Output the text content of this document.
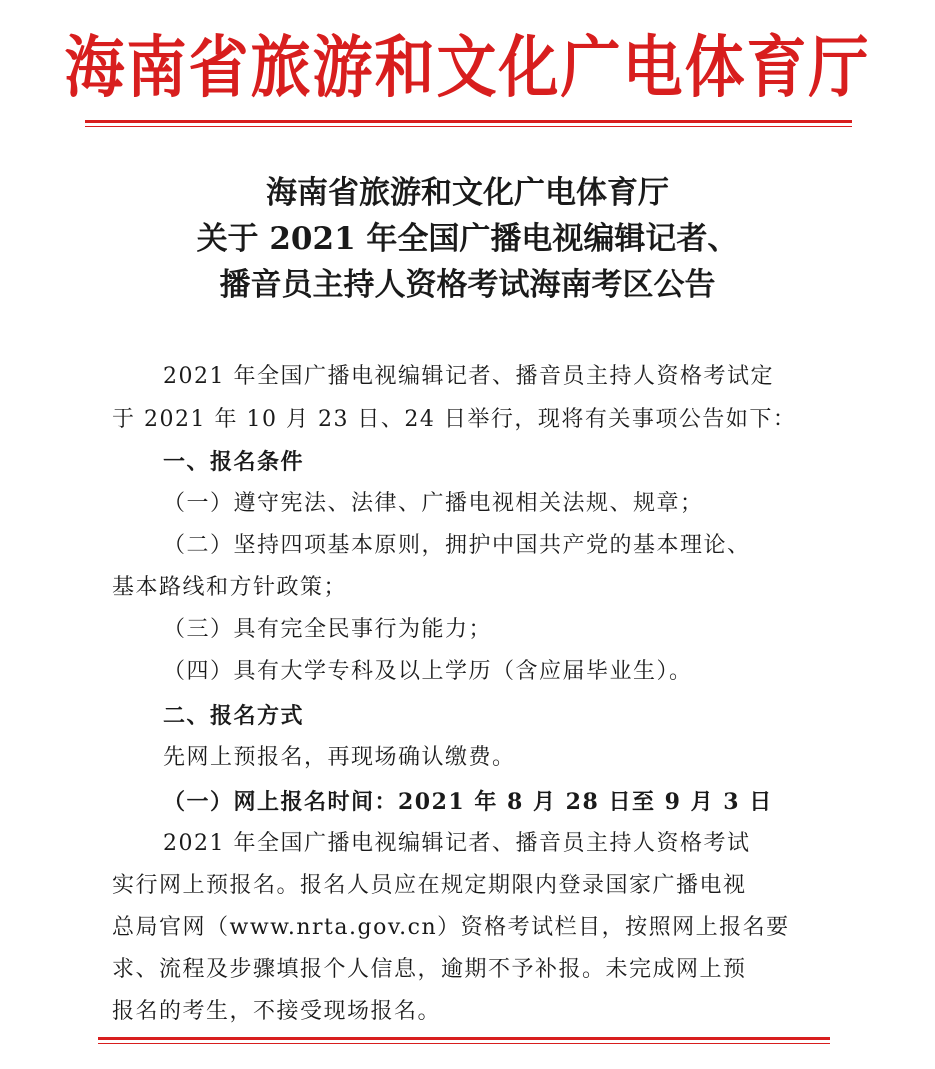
海南省旅游和文化广电体育厅
海南省旅游和文化广电体育厅
关于 2021 年全国广播电视编辑记者、
播音员主持人资格考试海南考区公告
2021 年全国广播电视编辑记者、播音员主持人资格考试定
于 2021 年 10 月 23 日、24 日举行，现将有关事项公告如下：
一、报名条件
（一）遵守宪法、法律、广播电视相关法规、规章；
（二）坚持四项基本原则，拥护中国共产党的基本理论、
基本路线和方针政策；
（三）具有完全民事行为能力；
（四）具有大学专科及以上学历（含应届毕业生）。
二、报名方式
先网上预报名，再现场确认缴费。
（一）网上报名时间：2021 年 8 月 28 日至 9 月 3 日
2021 年全国广播电视编辑记者、播音员主持人资格考试
实行网上预报名。报名人员应在规定期限内登录国家广播电视
总局官网（www.nrta.gov.cn）资格考试栏目，按照网上报名要
求、流程及步骤填报个人信息，逾期不予补报。未完成网上预
报名的考生，不接受现场报名。
